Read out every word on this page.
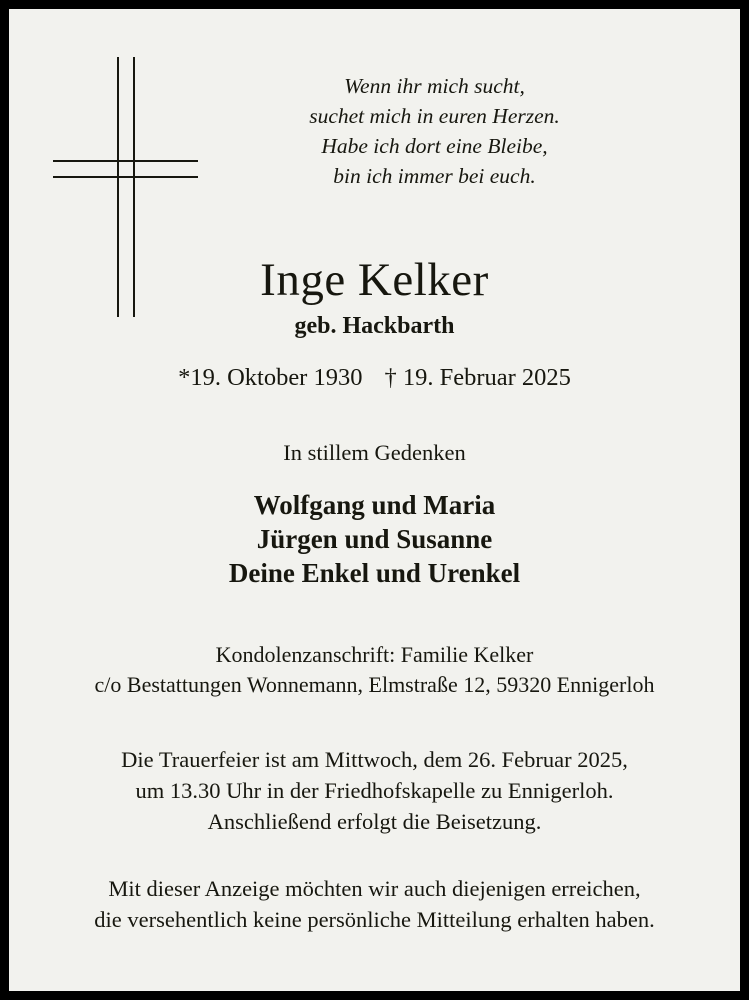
Wenn ihr mich sucht,
suchet mich in euren Herzen.
Habe ich dort eine Bleibe,
bin ich immer bei euch.
Inge Kelker
geb. Hackbarth
*19. Oktober 1930 † 19. Februar 2025
In stillem Gedenken
Wolfgang und Maria
Jürgen und Susanne
Deine Enkel und Urenkel
Kondolenzanschrift: Familie Kelker
c/o Bestattungen Wonnemann, Elmstraße 12, 59320 Ennigerloh
Die Trauerfeier ist am Mittwoch, dem 26. Februar 2025,
um 13.30 Uhr in der Friedhofskapelle zu Ennigerloh.
Anschließend erfolgt die Beisetzung.
Mit dieser Anzeige möchten wir auch diejenigen erreichen,
die versehentlich keine persönliche Mitteilung erhalten haben.
